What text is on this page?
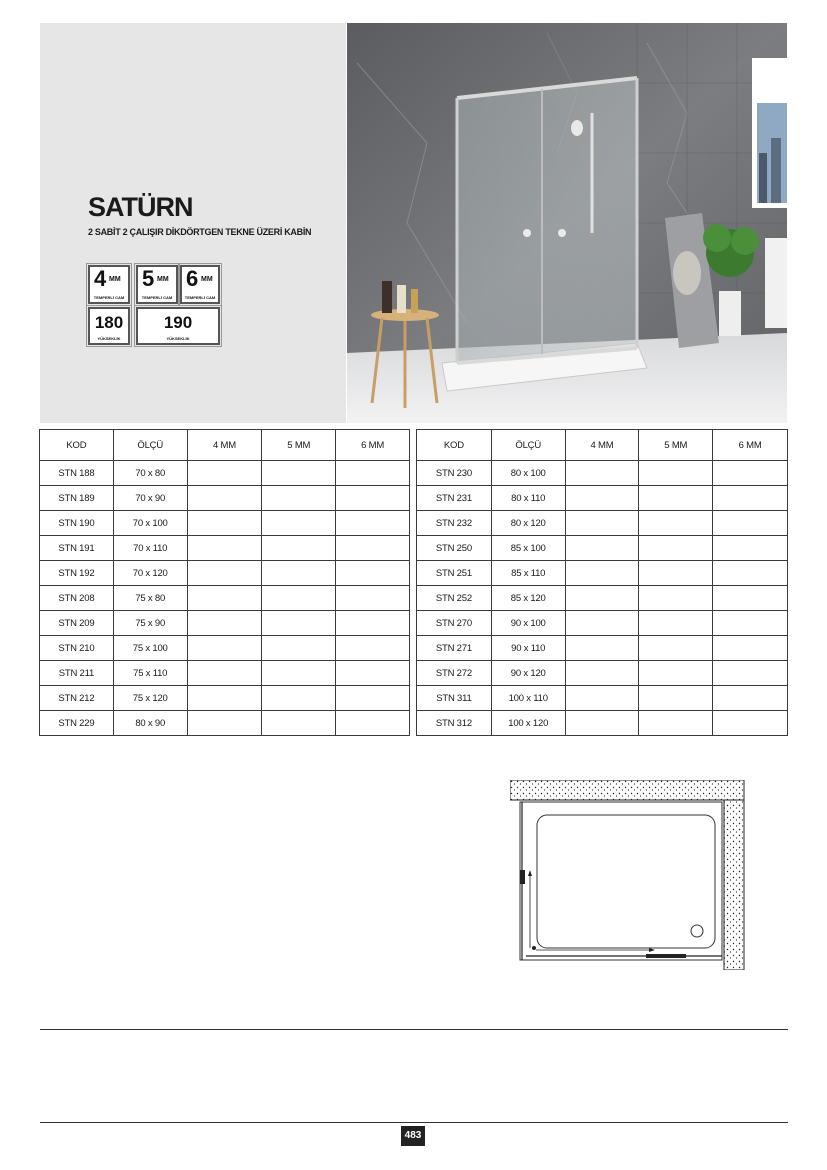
SATÜRN
2 SABİT 2 ÇALIŞIR DİKDÖRTGEN TEKNE ÜZERİ KABİN
4 MM
TEMPERLİ CAM
5 MM
TEMPERLİ CAM
6 MM
TEMPERLİ CAM
180
YÜKSEKLİK
190
YÜKSEKLİK
KOD	ÖLÇÜ	4 MM	5 MM	6 MM
STN 188	70 x 80			
STN 189	70 x 90			
STN 190	70 x 100			
STN 191	70 x 110			
STN 192	70 x 120			
STN 208	75 x 80			
STN 209	75 x 90			
STN 210	75 x 100			
STN 211	75 x 110			
STN 212	75 x 120			
STN 229	80 x 90			
KOD	ÖLÇÜ	4 MM	5 MM	6 MM
STN 230	80 x 100			
STN 231	80 x 110			
STN 232	80 x 120			
STN 250	85 x 100			
STN 251	85 x 110			
STN 252	85 x 120			
STN 270	90 x 100			
STN 271	90 x 110			
STN 272	90 x 120			
STN 311	100 x 110			
STN 312	100 x 120			
483
